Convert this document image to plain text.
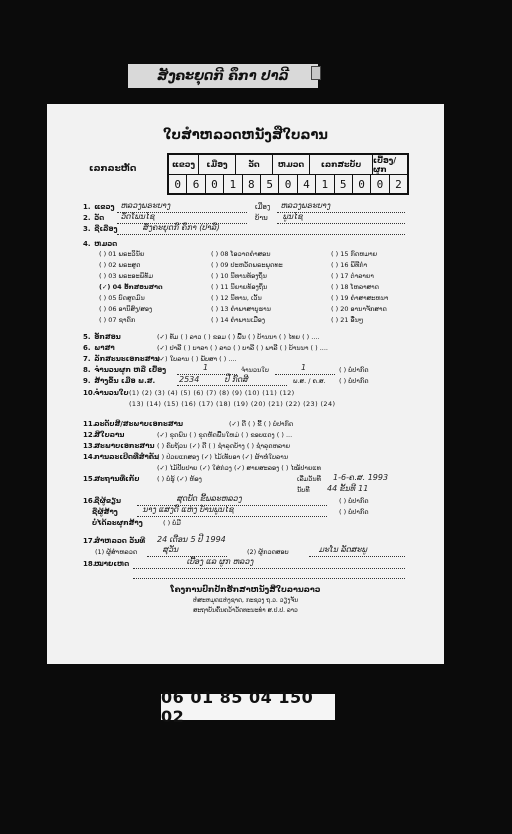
ສັງຄະຍຸດກີ ຄຶກາ ປາລີ
ໃບສຳຫລວດຫນັງສືໃບລານ
ເລກລະຫັດ	ແຂວງ	ເມືອງ	ວັດ	ຫມວດ	ເລກສະບັບ	ເບື້ອງ/ຜູກ
0	6	0	1	8	5	0	4	1	5	0	0	2
1. ແຂວງ ຫລວງພຣະບາງ	ເມືອງ ຫລວງພຣະບາງ
2. ວັດ ວັດໂພນໄຊ	ບ້ານ ພູນໄຊ
3. ຊື່ເລື່ອງ	ສັງຄະຍຸດກີ ຄຶກາ (ປາລີ)
4. ຫມວດ
( ) 01 ພຣະວິນັຍ
( ) 02 ພຣະສູດ
( ) 03 ພຣະອະພິທັມ
(✓) 04 ອັກສອນສາດ
( ) 05 ບົດສູດມົນ
( ) 06 ອານິສົງ/ສອງ
( ) 07 ຊາດົກ
( ) 08 ໂອວາດຄຳສອນ
( ) 09 ປະຫວັດພຣະພຸດທະ
( ) 10 ນິທານທ້ອງຖິ່ນ
( ) 11 ນິຍາຍທ້ອງຖິ່ນ
( ) 12 ນິທານ, ເວັ້ນ
( ) 13 ຄຳພາສາບູຮານ
( ) 14 ຄຳພານເມືອງ
( ) 15 ກົດຫມາຍ
( ) 16 ພິທີກຳ
( ) 17 ຕຳລາຍາ
( ) 18 ໂຫລາສາດ
( ) 19 ຄຳສາສະຫນາ
( ) 20 ອານາຈັກສາດ
( ) 21 ອື່ນໆ
5. ອັກສອນ	(✓) ທັມ ( ) ລາວ ( ) ຂອມ ( ) ພື້ນ ( ) ບ້ານນາ ( ) ໄທຍ ( ) ....
6. ພາສາ	(✓) ປາລີ ( ) ບາລາ ( ) ລາວ ( ) ບາລີ ( ) ພາລີ ( ) ບ້ານນາ ( ) ....
7. ລັກສະນະເອກະສານ
(✓) ໃບລານ ( ) ພັບສາ ( ) ....
8. ຈຳນວນຜູກ ຫລື ເບື້ອງ	1	ຈຳນວນໃບ	1	( ) ບໍ່ປາກົດ
9. ສ້າງຂຶ້ນ ເມື່ອ ພ.ສ.	2534	ປີ ກົດສີ	ພ.ສ. / ຄ.ສ. ( ) ບໍ່ປາກົດ
10. ຈຳນວນໃບ (1) (2) (3) (4) (5) (6) (7) (8) (9) (10) (11) (12)
(13) (14) (15) (16) (17) (18) (19) (20) (21) (22) (23) (24)
11. ລະດັບສີ/ສະພາບເອກະສານ	(✓) ດີ ( ) ຂີ້ ( ) ບໍ່ປາກົດ
12. ສີໃບລານ	(✓) ຂຸດພົນ ( ) ຂຸດຫັດພື້ນໃຫມ່ ( ) ຂອບແດງ ( ) ...
13. ສະພາບເອກະສານ ( ) ຄົບຖ້ວນ (✓) ດີ ( ) ຊຳລຸດບ້າງ ( ) ຊຳລຸດຫລາຍ
14. ການລະເບີດທີ່ສຳຄັນ
( ) ປ່ວຍແກສອງ (✓) ໄມ້ເທັບອາ (✓) ຜ້າຫໍ່ໃບລານ
(✓) ໄມ້ປັບປາຍ (✓) ໃສ່ກ່ວງ (✓) ສາຍສະລອງ ( ) ໄໝ້ປາຍແທ
15. ສະຖານທີ່ເກັບ	( ) ບໍ່ຮູ້ (✓) ຫ້ອງ	ເລີ່ມວັນທີ 1-6-ຄ.ສ. 1993
ນັບທີ 44 ຂັ້ນທີ 11
16. ຊື່ຜູ້ຂຽນ	ສຸດບັດ ຂີ້ພລະຫລວງ	( ) ບໍ່ປາກົດ
ຊື່ຜູ້ສ້າງ	ນາງ ແສງດີ ແຫ່ງ ບ້ານພູນໄຊ	( ) ບໍ່ປາກົດ
ບໍ່ໄດ້ລະຜູກສ້າງ	( ) ບໍ່ມີ
17. ສຳຫລວດ ວັນທີ 24 ເດືອນ 5 ປີ 1994
(1) ຜູ້ສຳຫລວດ	ສຸວັນ	(2) ຜູ້ກວດສອບ	ມະໂນ ລັດສະພູ
18. ໝາຍເຫດ	ເບື້ອງ ແລ ຜູກ ຫລວງ
ໂຄງການປົກປັກຮັກສາຫນັງສືໃບລານລາວ
ຫໍສະຫມຸດແຫ່ງຊາດ, ກະຊວງ ຖ.ວ. ວຽງຈັນ
ສະຖາບັນຄົ້ນຄວ້າວັດທະນະທຳ ສ.ປ.ປ. ລາວ
06 01 85 04 150 02
